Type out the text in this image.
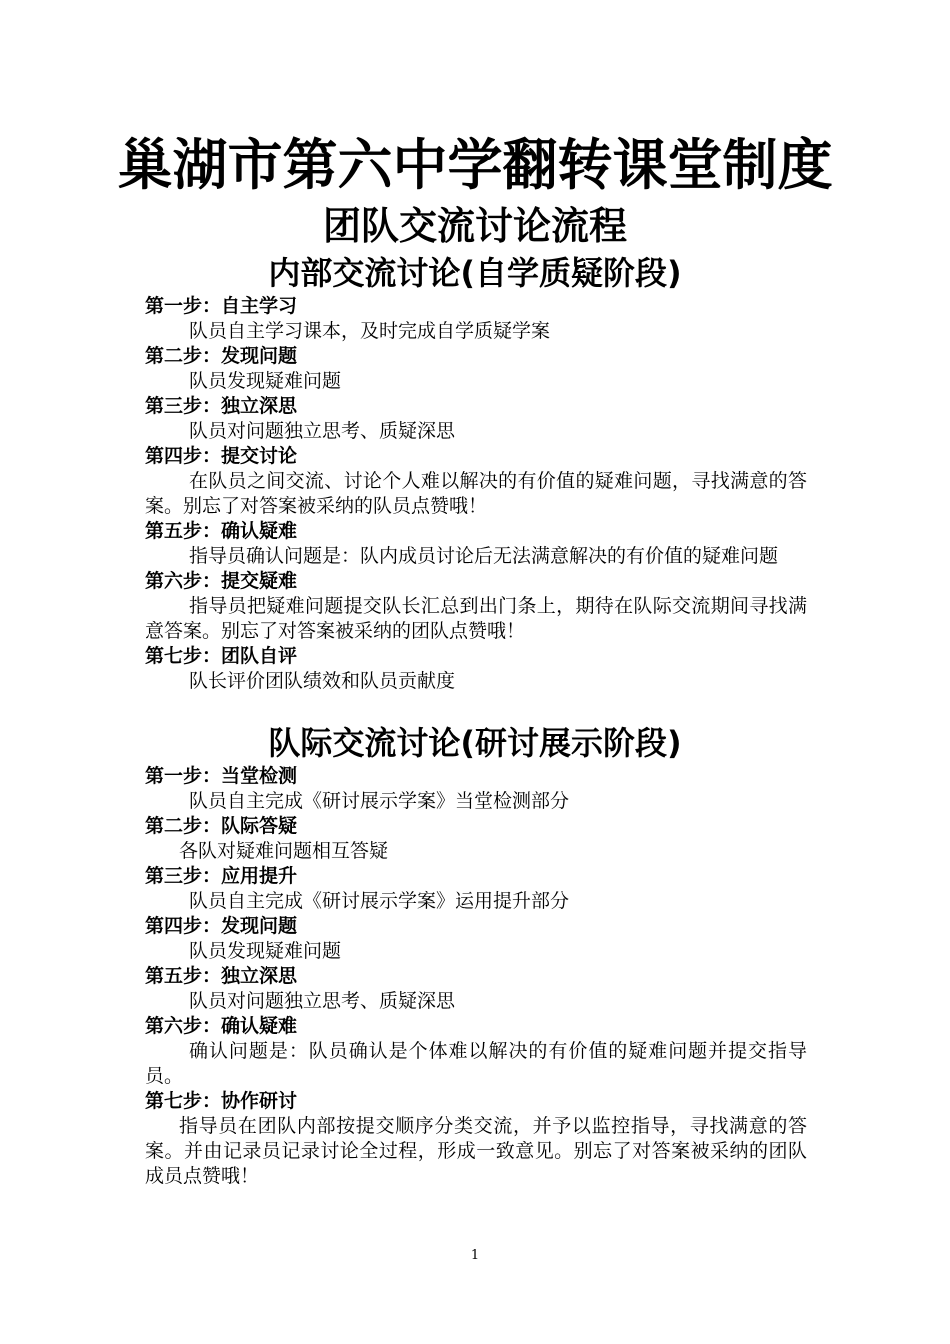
巢湖市第六中学翻转课堂制度
团队交流讨论流程
内部交流讨论(自学质疑阶段)

第一步：自主学习

队员自主学习课本，及时完成自学质疑学案

第二步：发现问题

队员发现疑难问题

第三步：独立深思

队员对问题独立思考、质疑深思

第四步：提交讨论

在队员之间交流、讨论个人难以解决的有价值的疑难问题，寻找满意的答案。别忘了对答案被采纳的队员点赞哦！

第五步：确认疑难

指导员确认问题是：队内成员讨论后无法满意解决的有价值的疑难问题

第六步：提交疑难

指导员把疑难问题提交队长汇总到出门条上，期待在队际交流期间寻找满意答案。别忘了对答案被采纳的团队点赞哦！

第七步：团队自评

队长评价团队绩效和队员贡献度

队际交流讨论(研讨展示阶段)

第一步：当堂检测

队员自主完成《研讨展示学案》当堂检测部分

第二步：队际答疑

各队对疑难问题相互答疑

第三步：应用提升

队员自主完成《研讨展示学案》运用提升部分

第四步：发现问题

队员发现疑难问题

第五步：独立深思

队员对问题独立思考、质疑深思

第六步：确认疑难

确认问题是：队员确认是个体难以解决的有价值的疑难问题并提交指导员。

第七步：协作研讨

指导员在团队内部按提交顺序分类交流，并予以监控指导，寻找满意的答案。并由记录员记录讨论全过程，形成一致意见。别忘了对答案被采纳的团队成员点赞哦！

1
